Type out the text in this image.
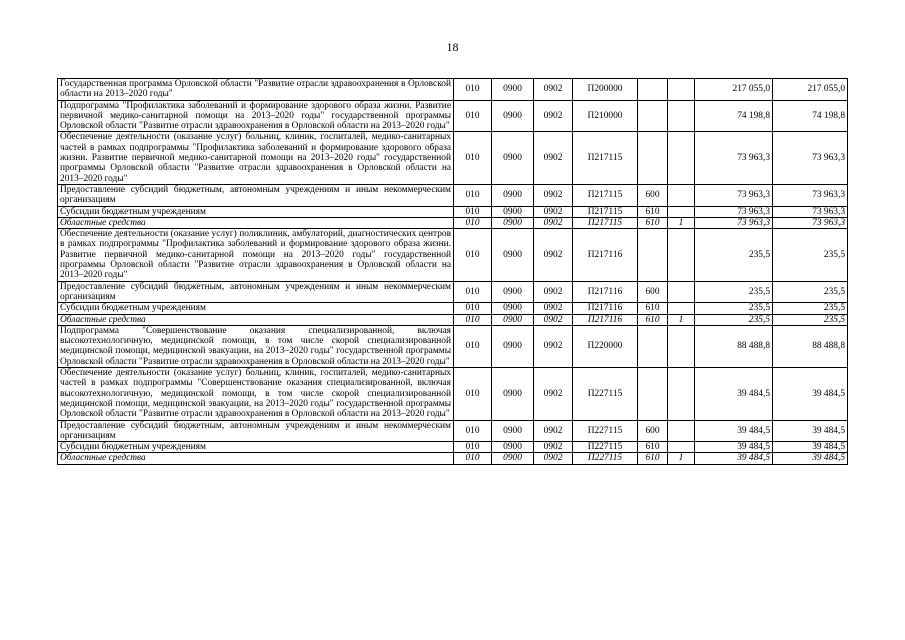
18
Государственная программа Орловской области "Развитие отрасли здравоохранения в Орловской области на 2013–2020 годы"	010	0900	0902	П200000			217 055,0	217 055,0
Подпрограмма "Профилактика заболеваний и формирование здорового образа жизни. Развитие первичной медико-санитарной помощи на 2013–2020 годы" государственной программы Орловской области "Развитие отрасли здравоохранения в Орловской области на 2013–2020 годы"	010	0900	0902	П210000			74 198,8	74 198,8
Обеспечение деятельности (оказание услуг) больниц, клиник, госпиталей, медико-санитарных частей в рамках подпрограммы "Профилактика заболеваний и формирование здорового образа жизни. Развитие первичной медико-санитарной помощи на 2013–2020 годы" государственной программы Орловской области "Развитие отрасли здравоохранения в Орловской области на 2013–2020 годы"	010	0900	0902	П217115			73 963,3	73 963,3
Предоставление субсидий бюджетным, автономным учреждениям и иным некоммерческим организациям	010	0900	0902	П217115	600		73 963,3	73 963,3
Субсидии бюджетным учреждениям	010	0900	0902	П217115	610		73 963,3	73 963,3
Областные средства	010	0900	0902	П217115	610	1	73 963,3	73 963,3
Обеспечение деятельности (оказание услуг) поликлиник, амбулаторий, диагностических центров в рамках подпрограммы "Профилактика заболеваний и формирование здорового образа жизни. Развитие первичной медико-санитарной помощи на 2013–2020 годы" государственной программы Орловской области "Развитие отрасли здравоохранения в Орловской области на 2013–2020 годы"	010	0900	0902	П217116			235,5	235,5
Предоставление субсидий бюджетным, автономным учреждениям и иным некоммерческим организациям	010	0900	0902	П217116	600		235,5	235,5
Субсидии бюджетным учреждениям	010	0900	0902	П217116	610		235,5	235,5
Областные средства	010	0900	0902	П217116	610	1	235,5	235,5
Подпрограмма "Совершенствование оказания специализированной, включая высокотехнологичную, медицинской помощи, в том числе скорой специализированной медицинской помощи, медицинской эвакуации, на 2013–2020 годы" государственной программы Орловской области "Развитие отрасли здравоохранения в Орловской области на 2013–2020 годы"	010	0900	0902	П220000			88 488,8	88 488,8
Обеспечение деятельности (оказание услуг) больниц, клиник, госпиталей, медико-санитарных частей в рамках подпрограммы "Совершенствование оказания специализированной, включая высокотехнологичную, медицинской помощи, в том числе скорой специализированной медицинской помощи, медицинской эвакуации, на 2013–2020 годы" государственной программы Орловской области "Развитие отрасли здравоохранения в Орловской области на 2013–2020 годы"	010	0900	0902	П227115			39 484,5	39 484,5
Предоставление субсидий бюджетным, автономным учреждениям и иным некоммерческим организациям	010	0900	0902	П227115	600		39 484,5	39 484,5
Субсидии бюджетным учреждениям	010	0900	0902	П227115	610		39 484,5	39 484,5
Областные средства	010	0900	0902	П227115	610	1	39 484,5	39 484,5
